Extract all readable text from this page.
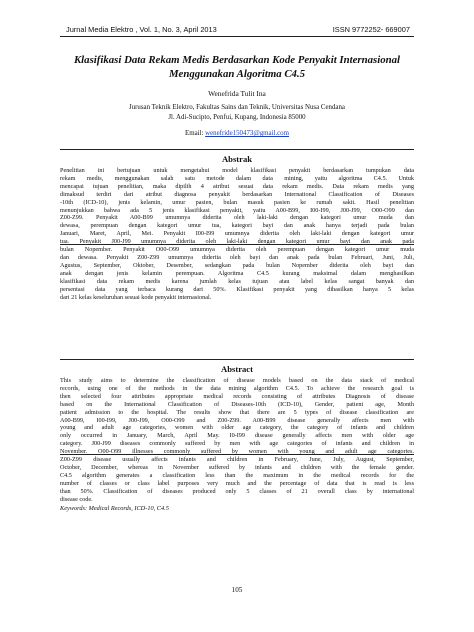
Jurnal Media Elektro , Vol. 1, No. 3, April 2013	ISSN 9772252- 669007
Klasifikasi Data Rekam Medis Berdasarkan Kode Penyakit Internasional
Menggunakan Algoritma C4.5
Wenefrida Tulit Ina
Jurusan Teknik Elektro, Fakultas Sains dan Teknik, Universitas Nusa Cendana
Jl. Adi-Sucipto, Penfui, Kupang, Indonesia 85000
Email: wenefride150473@gmail.com
Abstrak
Penelitian ini bertujuan untuk mengetahui model klasifikasi penyakit berdasarkan tumpukan data
rekam medis, menggunakan salah satu metode dalam data mining, yaitu algoritma C4.5. Untuk
mencapai tujuan penelitian, maka dipilih 4 atribut sesuai data rekam medis. Data rekam medis yang
dimaksud terdiri dari atribut diagnosa penyakit berdasarkan International Classification of Diseases
-10th (ICD-10), jenis kelamin, umur pasien, bulan masuk pasien ke rumah sakit. Hasil penelitian
menunjukkan bahwa ada 5 jenis klasifikasi penyakit, yaitu A00-B99, I00-I99, J00-J99, O00-O99 dan
Z00-Z99. Penyakit A00-B99 umumnya diderita oleh laki-laki dengan kategori umur muda dan
dewasa, perempuan dengan kategori umur tua, kategori bayi dan anak hanya terjadi pada bulan
Januari, Maret, April, Mei. Penyakit I00-I99 umumnya diderita oleh laki-laki dengan kategori umur
tua. Penyakit J00-J99 umumnya diderita oleh laki-laki dengan kategori umur bayi dan anak pada
bulan Nopember. Penyakit O00-O99 umumnya diderita oleh perempuan dengan kategori umur muda
dan dewasa. Penyakit Z00-Z99 umumnya diderita oleh bayi dan anak pada bulan Februari, Juni, Juli,
Agustus, September, Oktober, Desember, sedangkan pada bulan Nopember diderita oleh bayi dan
anak dengan jenis kelamin perempuan. Algoritma C4.5 kurang maksimal dalam menghasilkan
klasifikasi data rekam medis karena jumlah kelas tujuan atau label kelas sangat banyak dan
persentasi data yang terbaca kurang dari 50%. Klasifikasi penyakit yang dihasilkan hanya 5 kelas
dari 21 kelas keseluruhan sesuai kode penyakit internasional.
Abstract
This study aims to determine the classification of disease models based on the data stack of medical
records, using one of the methods in the data mining algorithm C4.5. To achieve the research goal is
then selected four attributes appropriate medical records consisting of attributes Diagnosis of disease
based on the International Classification of Diseases-10th (ICD-10), Gender, patient age, Month
patient admission to the hospital. The results show that there are 5 types of disease classification are
A00-B99, I00-I99, J00-J99, O00-O99 and Z00-Z99. A00-B99 disease generally affects men with
young and adult age categories, women with older age category, the category of infants and children
only occurred in January, March, April May. I0-I99 disease generally affects men with older age
category. J00-J99 diseases commonly suffered by men with age categories of infants and children in
November. O00-O99 illnesses commonly suffered by women with young and adult age categories.
Z00-Z99 disease usually affects infants and children in February, June, July, August, September,
October, December, whereas in November suffered by infants and children with the female gender.
C4.5 algorithm generates a classification less than the maximum in the medical records for the
number of classes or class label purposes very much and the percentage of data that is read is less
than 50%. Classification of diseases produced only 5 classes of 21 overall class by international
disease code.
Keywords: Medical Records, ICD-10, C4.5
105
